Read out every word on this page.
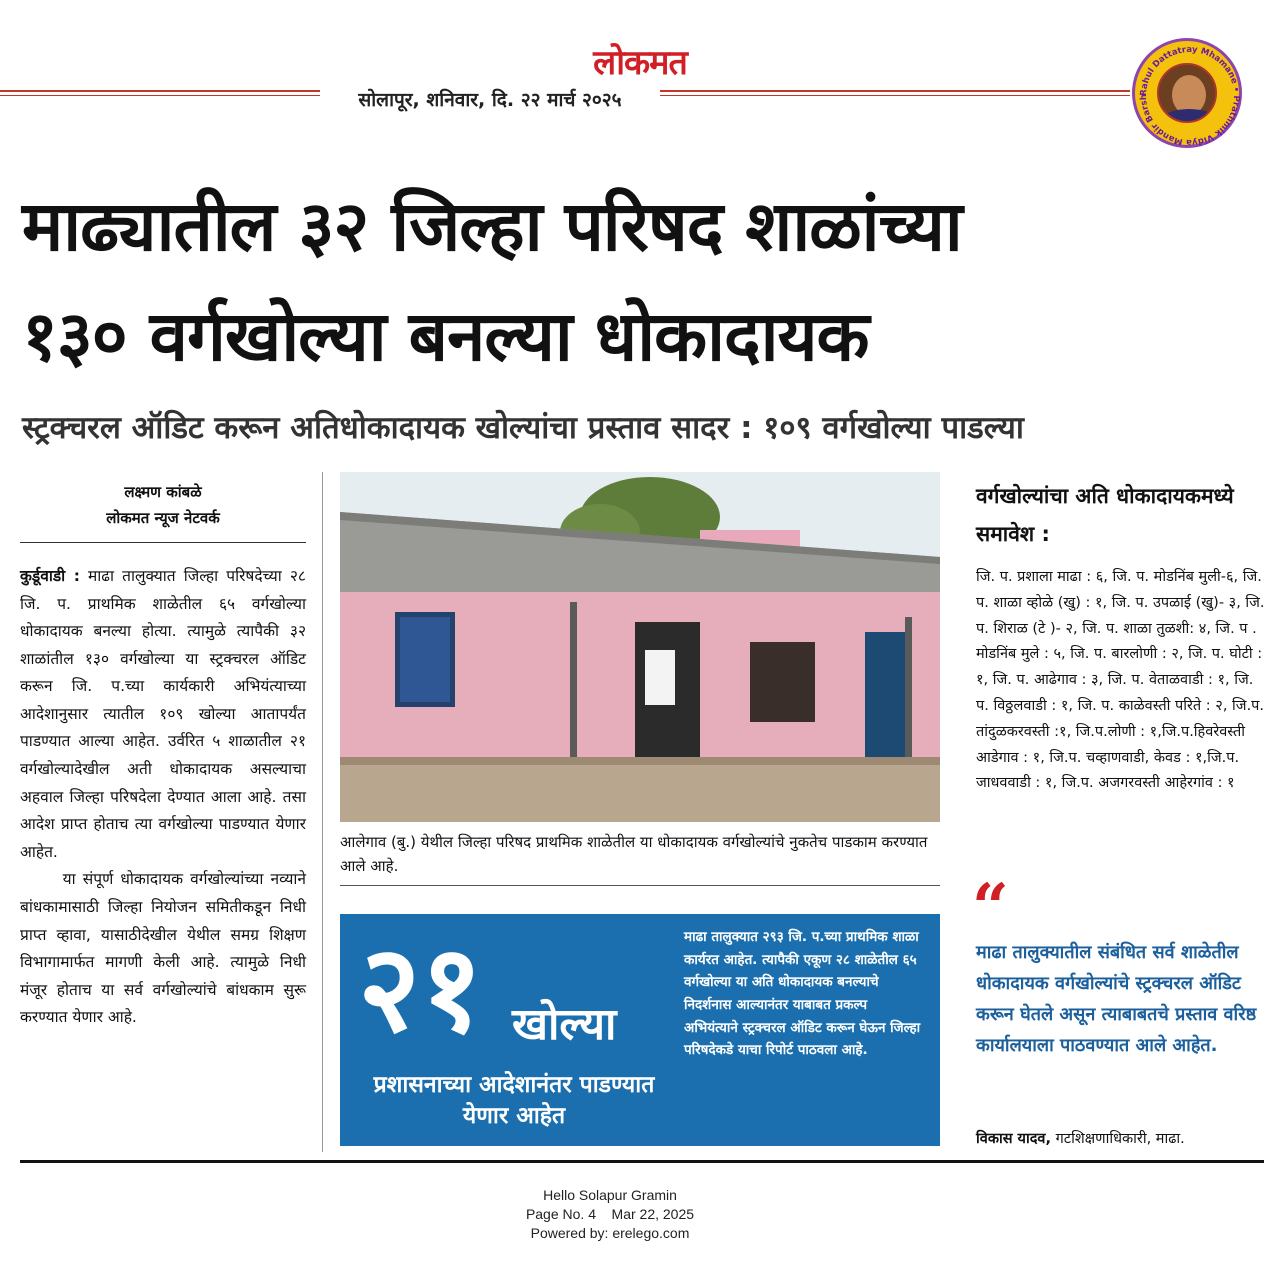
लोकमत
सोलापूर, शनिवार, दि. २२ मार्च २०२५	Rahul Dattatray Mhamane • Prathmik Vidya Mandir Barsh
माढ्यातील ३२ जिल्हा परिषद शाळांच्या
१३० वर्गखोल्या बनल्या धोकादायक
स्ट्रक्चरल ऑडिट करून अतिधोकादायक खोल्यांचा प्रस्ताव सादर : १०९ वर्गखोल्या पाडल्या
लक्ष्मण कांबळे
लोकमत न्यूज नेटवर्क

कुर्डूवाडी : माढा तालुक्यात जिल्हा परिषदेच्या २८ जि. प. प्राथमिक शाळेतील ६५ वर्गखोल्या धोकादायक बनल्या होत्या. त्यामुळे त्यापैकी ३२ शाळांतील १३० वर्गखोल्या या स्ट्रक्चरल ऑडिट करून जि. प.च्या कार्यकारी अभियंत्याच्या आदेशानुसार त्यातील १०९ खोल्या आतापर्यंत पाडण्यात आल्या आहेत. उर्वरित ५ शाळातील २१ वर्गखोल्यादेखील अती धोकादायक असल्याचा अहवाल जिल्हा परिषदेला देण्यात आला आहे. तसा आदेश प्राप्त होताच त्या वर्गखोल्या पाडण्यात येणार आहेत.

या संपूर्ण धोकादायक वर्गखोल्यांच्या नव्याने बांधकामासाठी जिल्हा नियोजन समितीकडून निधी प्राप्त व्हावा, यासाठीदेखील येथील समग्र शिक्षण विभागामार्फत मागणी केली आहे. त्यामुळे निधी मंजूर होताच या सर्व वर्गखोल्यांचे बांधकाम सुरू करण्यात येणार आहे.

आलेगाव (बु.) येथील जिल्हा परिषद प्राथमिक शाळेतील या धोकादायक वर्गखोल्यांचे नुकतेच पाडकाम करण्यात आले आहे.
२१ खोल्या
प्रशासनाच्या आदेशानंतर पाडण्यात येणार आहेत
माढा तालुक्यात २९३ जि. प.च्या प्राथमिक शाळा कार्यरत आहेत. त्यापैकी एकूण २८ शाळेतील ६५ वर्गखोल्या या अति धोकादायक बनल्याचे निदर्शनास आल्यानंतर याबाबत प्रकल्प अभियंत्याने स्ट्रक्चरल ऑडिट करून घेऊन जिल्हा परिषदेकडे याचा रिपोर्ट पाठवला आहे.
वर्गखोल्यांचा अति धोकादायकमध्ये समावेश :
जि. प. प्रशाला माढा : ६, जि. प. मोडनिंब मुली-६, जि. प. शाळा व्होळे (खु) : १, जि. प. उपळाई (खु)- ३, जि. प. शिराळ (टे )- २, जि. प. शाळा तुळशी: ४, जि. प . मोडनिंब मुले : ५, जि. प. बारलोणी : २, जि. प. घोटी : १, जि. प. आढेगाव : ३, जि. प. वेताळवाडी : १, जि. प. विठ्ठलवाडी : १, जि. प. काळेवस्ती परिते : २, जि.प. तांदुळकरवस्ती :१, जि.प.लोणी : १,जि.प.हिवरेवस्ती आडेगाव : १, जि.प. चव्हाणवाडी, केवड : १,जि.प. जाधववाडी : १, जि.प. अजगरवस्ती आहेरगांव : १
“
माढा तालुक्यातील संबंधित सर्व शाळेतील धोकादायक वर्गखोल्यांचे स्ट्रक्चरल ऑडिट करून घेतले असून त्याबाबतचे प्रस्ताव वरिष्ठ कार्यालयाला पाठवण्यात आले आहेत.
विकास यादव, गटशिक्षणाधिकारी, माढा.
Hello Solapur Gramin
Page No. 4    Mar 22, 2025
Powered by: erelego.com
